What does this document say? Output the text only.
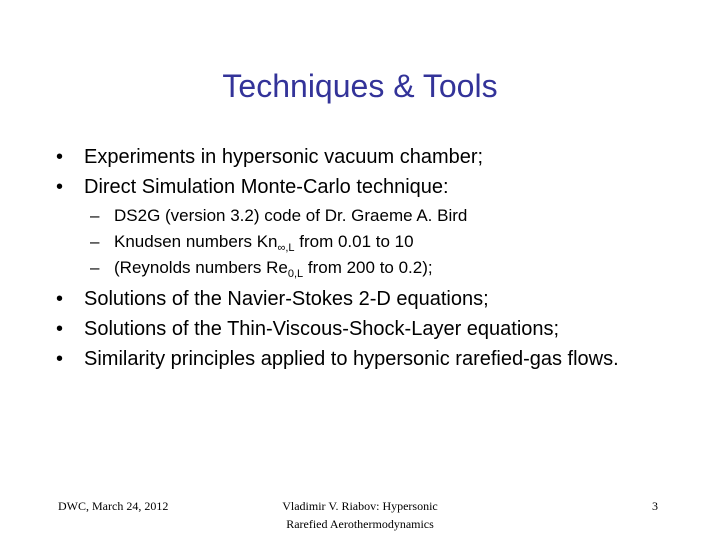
Techniques & Tools
• Experiments in hypersonic vacuum chamber;
• Direct Simulation Monte-Carlo technique:
– DS2G (version 3.2) code of Dr. Graeme A. Bird
– Knudsen numbers $Kn_{\infty,L}$ from 0.01 to 10
– (Reynolds numbers $Re_{0,L}$ from 200 to 0.2);
• Solutions of the Navier-Stokes 2-D equations;
• Solutions of the Thin-Viscous-Shock-Layer equations;
• Similarity principles applied to hypersonic rarefied-gas flows.
DWC, March 24, 2012	Vladimir V. Riabov: Hypersonic
Rarefied Aerothermodynamics
3
